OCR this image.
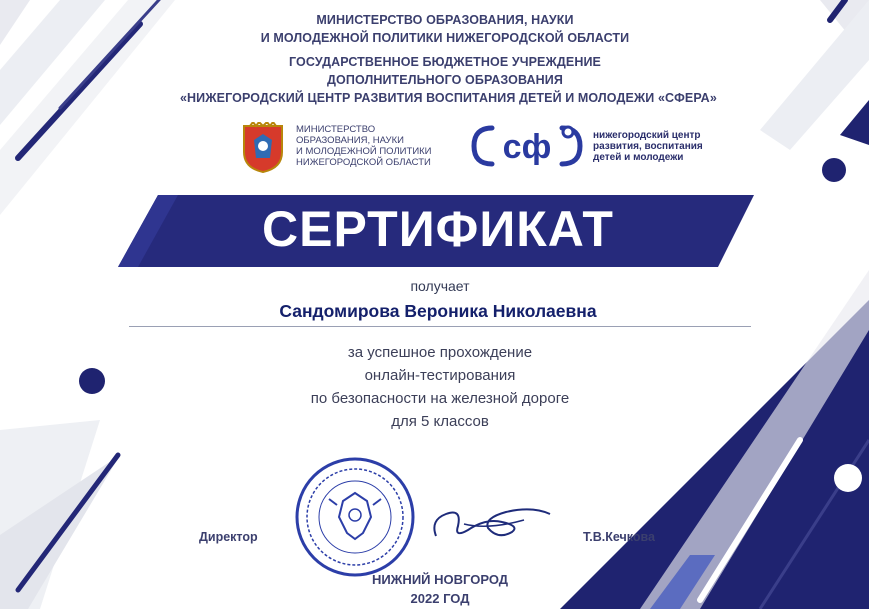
МИНИСТЕРСТВО ОБРАЗОВАНИЯ, НАУКИ

И МОЛОДЕЖНОЙ ПОЛИТИКИ НИЖЕГОРОДСКОЙ ОБЛАСТИ

ГОСУДАРСТВЕННОЕ БЮДЖЕТНОЕ УЧРЕЖДЕНИЕ

ДОПОЛНИТЕЛЬНОГО ОБРАЗОВАНИЯ

«НИЖЕГОРОДСКИЙ ЦЕНТР РАЗВИТИЯ ВОСПИТАНИЯ ДЕТЕЙ И МОЛОДЕЖИ «СФЕРА»

МИНИСТЕРСТВО
ОБРАЗОВАНИЯ, НАУКИ
И МОЛОДЕЖНОЙ ПОЛИТИКИ
НИЖЕГОРОДСКОЙ ОБЛАСТИ	сф	нижегородский центр
развития, воспитания
детей и молодежи

СЕРТИФИКАТ

получает

Сандомирова Вероника Николаевна

за успешное прохождение

онлайн-тестирования

по безопасности на железной дороге

для 5 классов

Директор	Т.В.Кечкова

НИЖНИЙ НОВГОРОД

2022 ГОД
